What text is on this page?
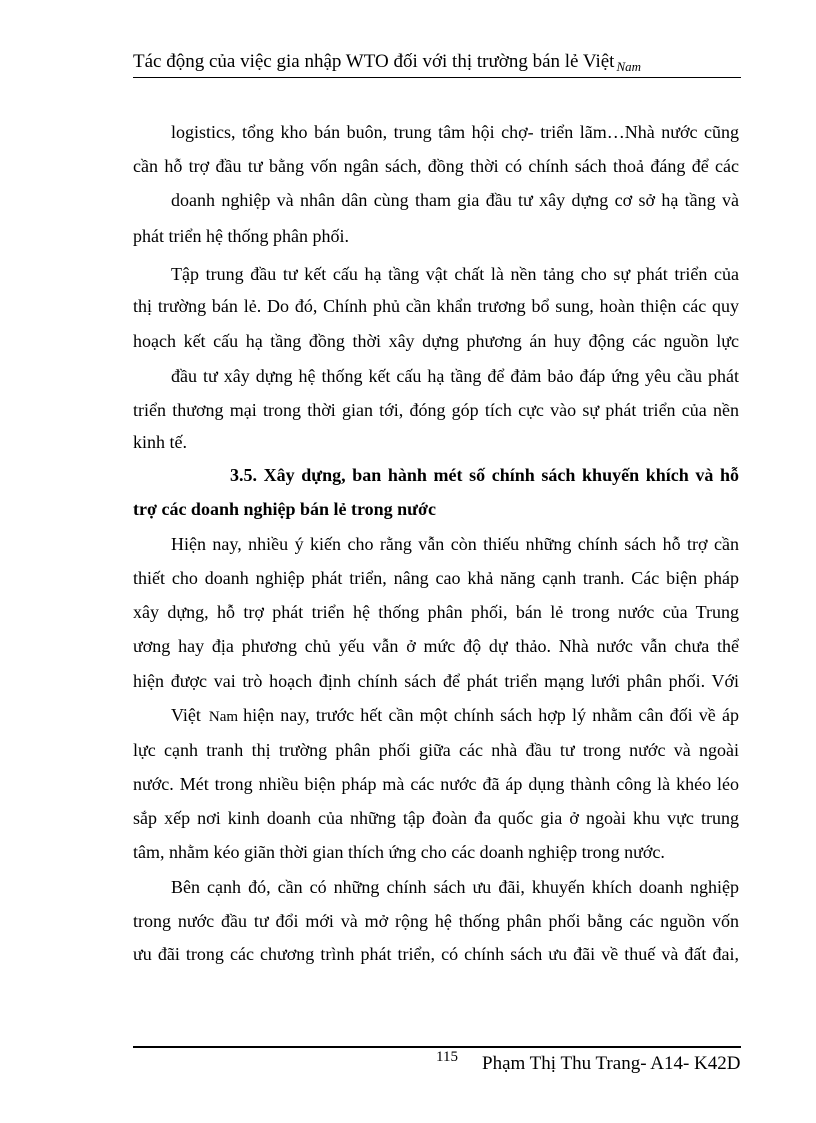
Tác động của việc gia nhập WTO đối với thị trường bán lẻ Việt $_{Nam}$
logistics, tổng kho bán buôn, trung tâm hội chợ- triển lãm…Nhà nước cũng
cần hỗ trợ đầu tư bằng vốn ngân sách, đồng thời có chính sách thoả đáng để các
doanh nghiệp và nhân dân cùng tham gia đầu tư xây dựng cơ sở hạ tầng và
phát triển hệ thống phân phối.
Tập trung đầu tư kết cấu hạ tầng vật chất là nền tảng cho sự phát triển của
thị trường bán lẻ. Do đó, Chính phủ cần khẩn trương bổ sung, hoàn thiện các quy
hoạch kết cấu hạ tầng đồng thời xây dựng phương án huy động các nguồn lực
đầu tư xây dựng hệ thống kết cấu hạ tầng để đảm bảo đáp ứng yêu cầu phát
triển thương mại trong thời gian tới, đóng góp tích cực vào sự phát triển của nền
kinh tế.
3.5. Xây dựng, ban hành mét số chính sách khuyến khích và hỗ
trợ các doanh nghiệp bán lẻ trong nước
Hiện nay, nhiều ý kiến cho rằng vẫn còn thiếu những chính sách hỗ trợ cần
thiết cho doanh nghiệp phát triển, nâng cao khả năng cạnh tranh. Các biện pháp
xây dựng, hỗ trợ phát triển hệ thống phân phối, bán lẻ trong nước của Trung
ương hay địa phương chủ yếu vẫn ở mức độ dự thảo. Nhà nước vẫn chưa thể
hiện được vai trò hoạch định chính sách để phát triển mạng lưới phân phối. Với
Việt Nam hiện nay, trước hết cần một chính sách hợp lý nhằm cân đối về áp
lực cạnh tranh thị trường phân phối giữa các nhà đầu tư trong nước và ngoài
nước. Mét trong nhiều biện pháp mà các nước đã áp dụng thành công là khéo léo
sắp xếp nơi kinh doanh của những tập đoàn đa quốc gia ở ngoài khu vực trung
tâm, nhằm kéo giãn thời gian thích ứng cho các doanh nghiệp trong nước.
Bên cạnh đó, cần có những chính sách ưu đãi, khuyến khích doanh nghiệp
trong nước đầu tư đổi mới và mở rộng hệ thống phân phối bằng các nguồn vốn
ưu đãi trong các chương trình phát triển, có chính sách ưu đãi về thuế và đất đai,
115 Phạm Thị Thu Trang- A14- K42D
